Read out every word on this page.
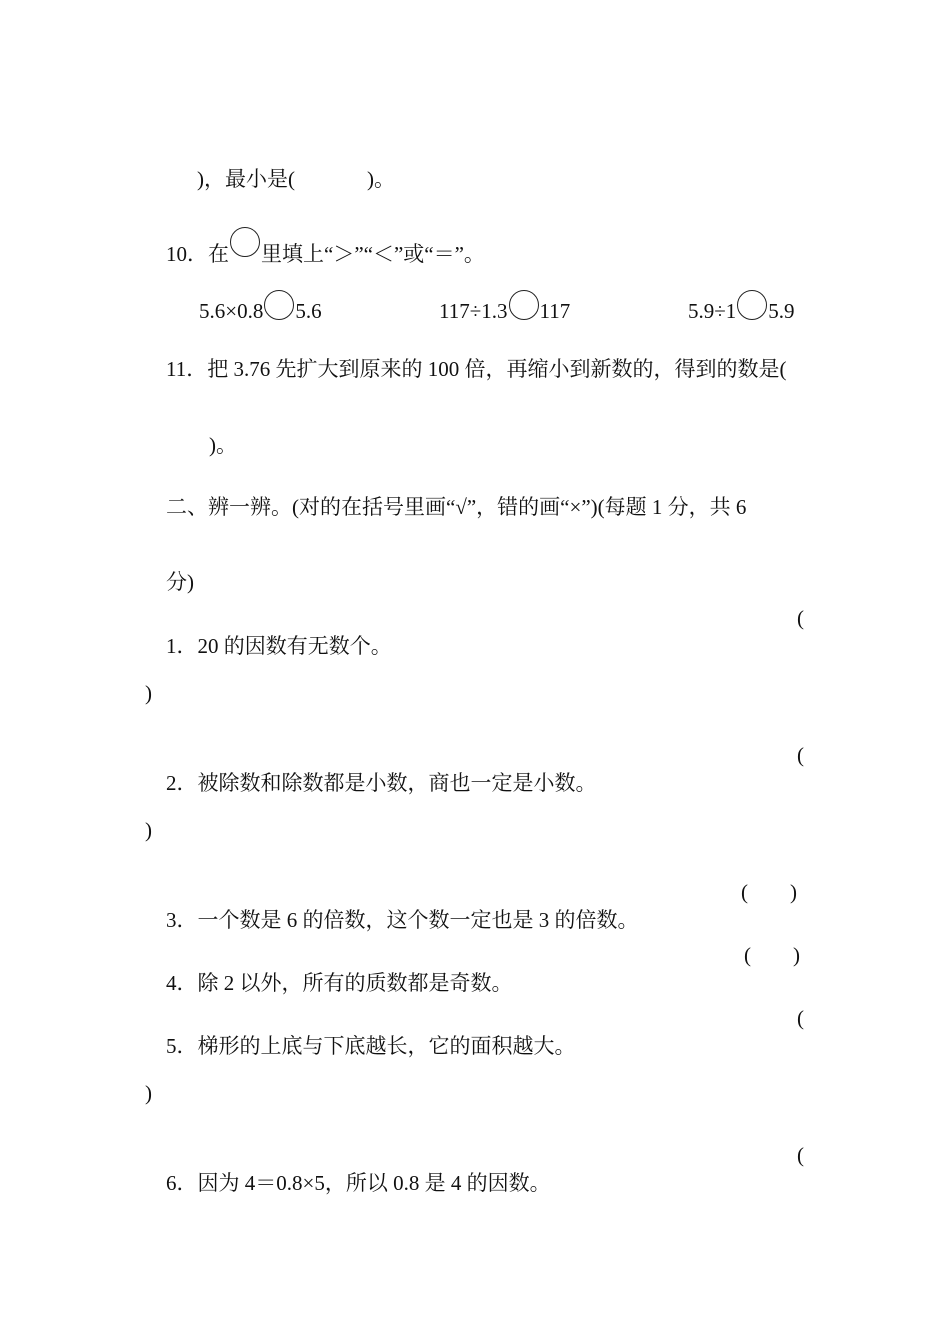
)，最小是(	)。

10．在 里填上“＞”“＜”或“＝”。

5.6×0.8 5.6
	117÷1.3 117
	5.9÷1 5.9

11．把 3.76 先扩大到原来的 100 倍，再缩小到新数的，得到的数是(

)。

二、辨一辨。(对的在括号里画“√”，错的画“×”)(每题 1 分，共 6

分)

1．20 的因数有无数个。

(
)

2．被除数和除数都是小数，商也一定是小数。

(
)

3．一个数是 6 的倍数，这个数一定也是 3 的倍数。

(　　)

4．除 2 以外，所有的质数都是奇数。

(　　)

5．梯形的上底与下底越长，它的面积越大。

(
)

6．因为 4＝0.8×5，所以 0.8 是 4 的因数。

(
